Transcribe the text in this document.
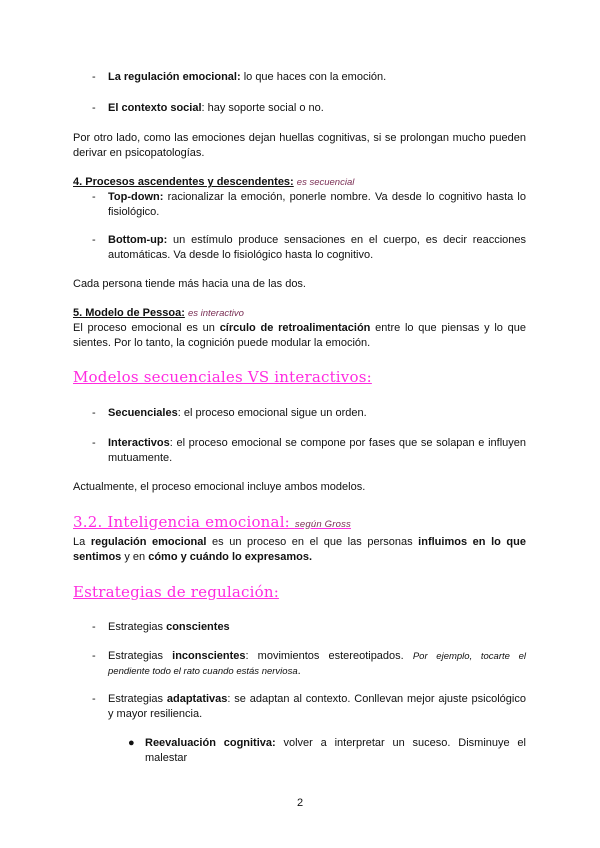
- La regulación emocional: lo que haces con la emoción.
- El contexto social: hay soporte social o no.
Por otro lado, como las emociones dejan huellas cognitivas, si se prolongan mucho pueden
derivar en psicopatologías.
4. Procesos ascendentes y descendentes: es secuencial
- Top-down: racionalizar la emoción, ponerle nombre. Va desde lo cognitivo hasta lo
fisiológico.
- Bottom-up: un estímulo produce sensaciones en el cuerpo, es decir reacciones
automáticas. Va desde lo fisiológico hasta lo cognitivo.
Cada persona tiende más hacia una de las dos.
5. Modelo de Pessoa: es interactivo
El proceso emocional es un círculo de retroalimentación entre lo que piensas y lo que
sientes. Por lo tanto, la cognición puede modular la emoción.
Modelos secuenciales VS interactivos:
- Secuenciales: el proceso emocional sigue un orden.
- Interactivos: el proceso emocional se compone por fases que se solapan e influyen
mutuamente.
Actualmente, el proceso emocional incluye ambos modelos.
3.2. Inteligencia emocional: según Gross
La regulación emocional es un proceso en el que las personas influimos en lo que
sentimos y en cómo y cuándo lo expresamos.
Estrategias de regulación:
- Estrategias conscientes
- Estrategias inconscientes: movimientos estereotipados. Por ejemplo, tocarte el
pendiente todo el rato cuando estás nerviosa.
- Estrategias adaptativas: se adaptan al contexto. Conllevan mejor ajuste psicológico
y mayor resiliencia.
● Reevaluación cognitiva: volver a interpretar un suceso. Disminuye el
malestar
2
